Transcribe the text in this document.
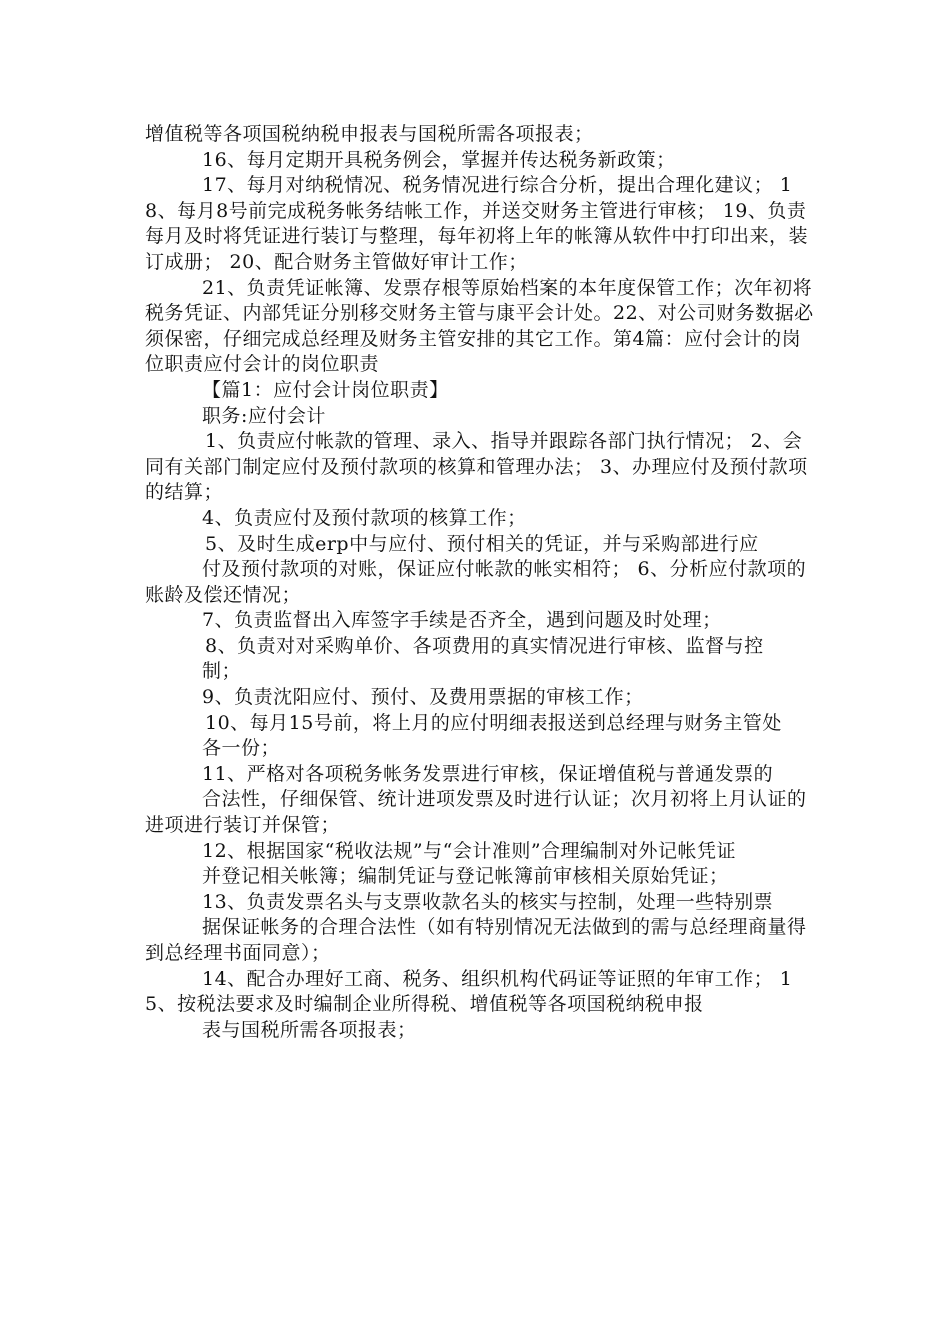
增值税等各项国税纳税申报表与国税所需各项报表；

16、每月定期开具税务例会，掌握并传达税务新政策；

17、每月对纳税情况、税务情况进行综合分析，提出合理化建议； 18、每月8号前完成税务帐务结帐工作，并送交财务主管进行审核； 19、负责每月及时将凭证进行装订与整理，每年初将上年的帐簿从软件中打印出来，装订成册； 20、配合财务主管做好审计工作；

21、负责凭证帐簿、发票存根等原始档案的本年度保管工作；次年初将税务凭证、内部凭证分别移交财务主管与康平会计处。22、对公司财务数据必须保密，仔细完成总经理及财务主管安排的其它工作。第4篇：应付会计的岗位职责应付会计的岗位职责

【篇1：应付会计岗位职责】

职务:应付会计

1、负责应付帐款的管理、录入、指导并跟踪各部门执行情况； 2、会同有关部门制定应付及预付款项的核算和管理办法； 3、办理应付及预付款项的结算；

4、负责应付及预付款项的核算工作；

5、及时生成erp中与应付、预付相关的凭证，并与采购部进行应

付及预付款项的对账，保证应付帐款的帐实相符； 6、分析应付款项的账龄及偿还情况；

7、负责监督出入库签字手续是否齐全，遇到问题及时处理；

8、负责对对采购单价、各项费用的真实情况进行审核、监督与控

制；

9、负责沈阳应付、预付、及费用票据的审核工作；

10、每月15号前，将上月的应付明细表报送到总经理与财务主管处

各一份；

11、严格对各项税务帐务发票进行审核，保证增值税与普通发票的

合法性，仔细保管、统计进项发票及时进行认证；次月初将上月认证的进项进行装订并保管；

12、根据国家“税收法规”与“会计准则”合理编制对外记帐凭证

并登记相关帐簿；编制凭证与登记帐簿前审核相关原始凭证；

13、负责发票名头与支票收款名头的核实与控制，处理一些特别票

据保证帐务的合理合法性（如有特别情况无法做到的需与总经理商量得到总经理书面同意）；

14、配合办理好工商、税务、组织机构代码证等证照的年审工作； 15、按税法要求及时编制企业所得税、增值税等各项国税纳税申报

表与国税所需各项报表；
